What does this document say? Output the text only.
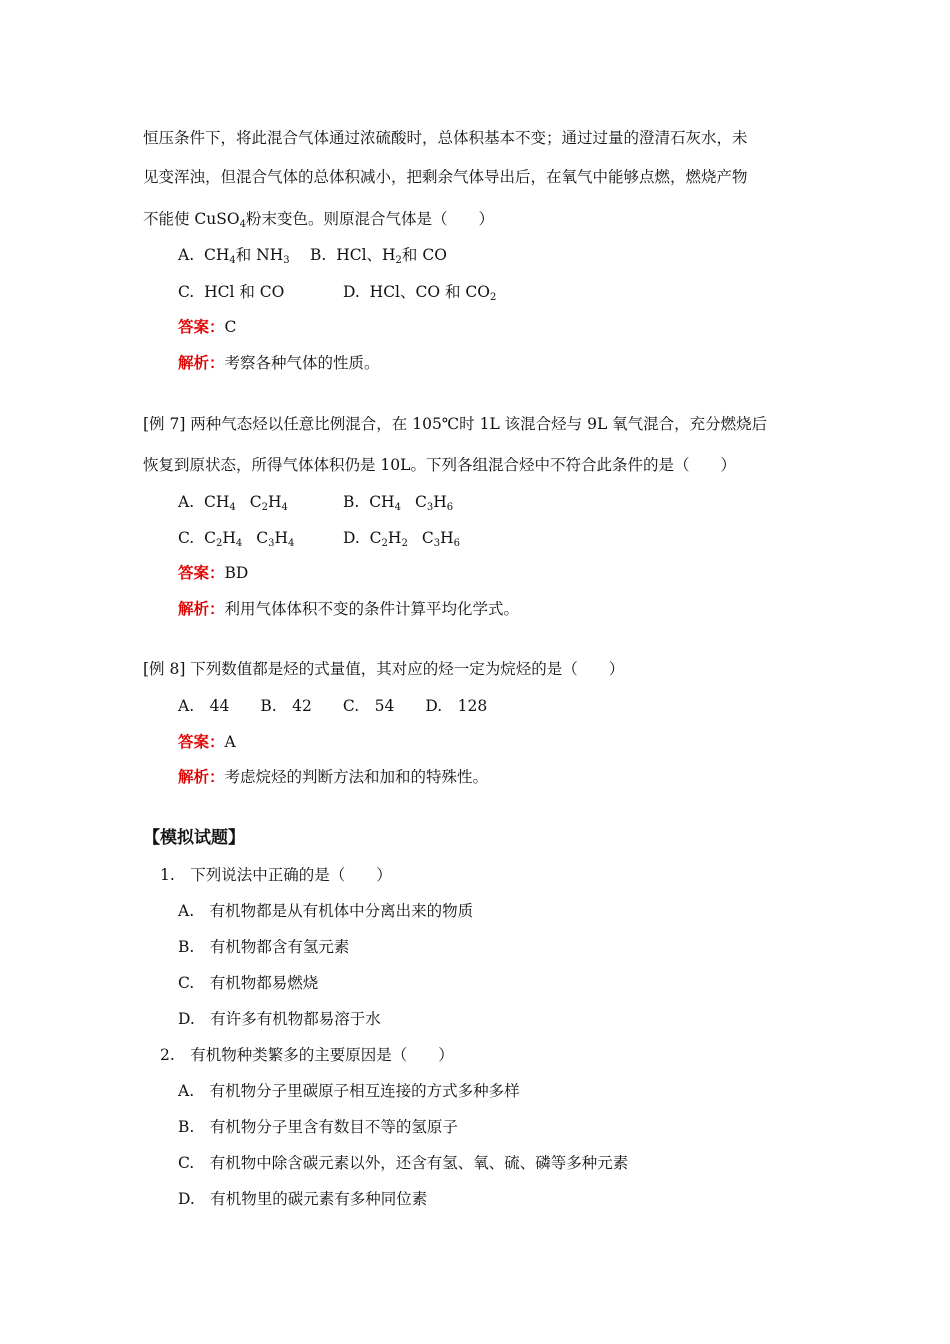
恒压条件下，将此混合气体通过浓硫酸时，总体积基本不变；通过过量的澄清石灰水，未
见变浑浊，但混合气体的总体积减小，把剩余气体导出后，在氧气中能够点燃，燃烧产物
不能使 CuSO$_4$粉末变色。则原混合气体是（　　）
A. $CH_4$和 $NH_3$ B. HCl、$H_2$和 CO
C. HCl 和 CO	D. HCl、CO 和 $CO_2$
答案：C
解析：考察各种气体的性质。
[例 7] 两种气态烃以任意比例混合，在 105℃时 1L 该混合烃与 9L 氧气混合，充分燃烧后
恢复到原状态，所得气体体积仍是 10L。下列各组混合烃中不符合此条件的是（　　）
A. $CH_4$ $C_2H_4$	B. $CH_4$ $C_3H_6$
C. $C_2H_4$ $C_3H_4$	D. $C_2H_2$ $C_3H_6$
答案：BD
解析：利用气体体积不变的条件计算平均化学式。
[例 8] 下列数值都是烃的式量值，其对应的烃一定为烷烃的是（　　）
A.　44　　B.　42　　C.　54　　D.　128
答案：A
解析：考虑烷烃的判断方法和加和的特殊性。
【模拟试题】
1.　下列说法中正确的是（　　）
A.　有机物都是从有机体中分离出来的物质
B.　有机物都含有氢元素
C.　有机物都易燃烧
D.　有许多有机物都易溶于水
2.　有机物种类繁多的主要原因是（　　）
A.　有机物分子里碳原子相互连接的方式多种多样
B.　有机物分子里含有数目不等的氢原子
C.　有机物中除含碳元素以外，还含有氢、氧、硫、磷等多种元素
D.　有机物里的碳元素有多种同位素
